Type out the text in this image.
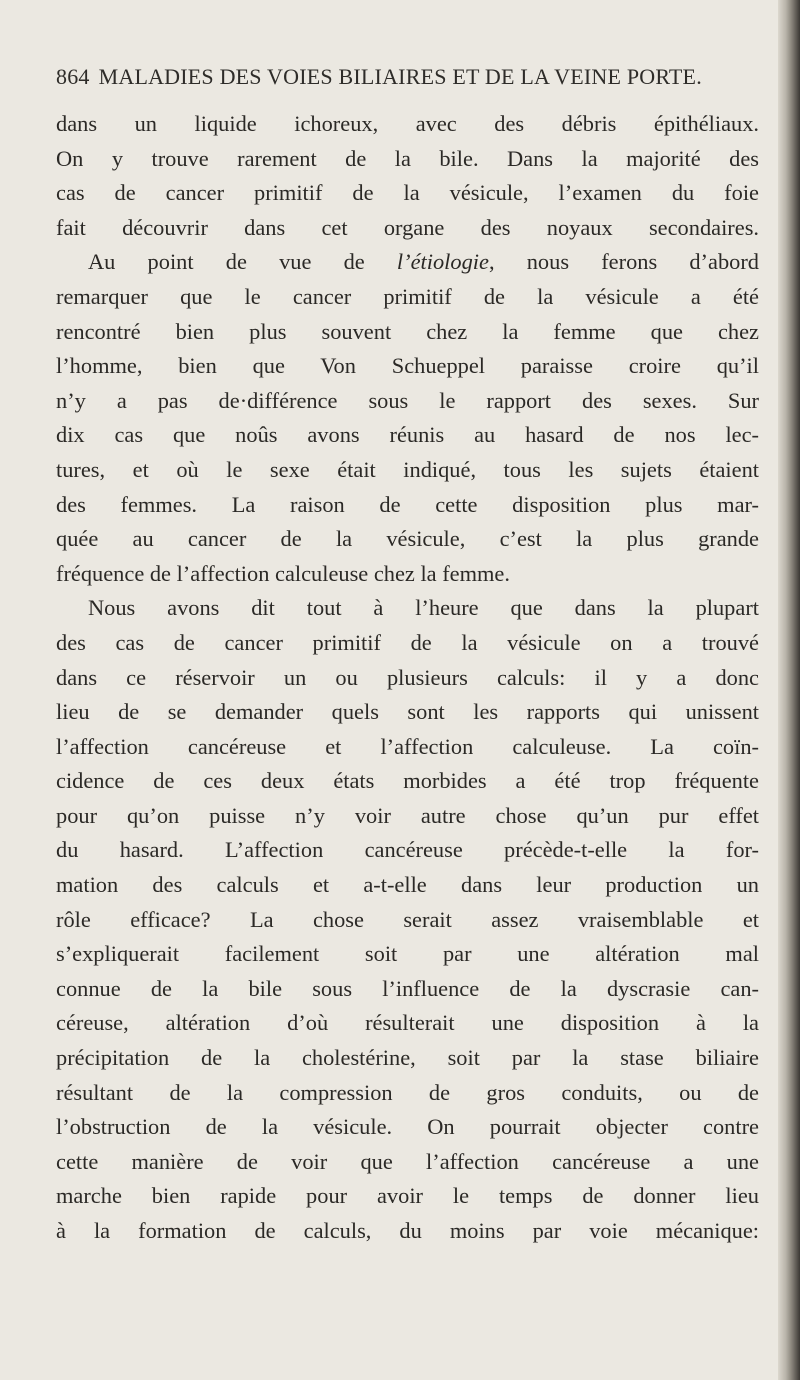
864 MALADIES DES VOIES BILIAIRES ET DE LA VEINE PORTE.
dans un liquide ichoreux, avec des débris épithéliaux.
On y trouve rarement de la bile. Dans la majorité des
cas de cancer primitif de la vésicule, l’examen du foie
fait découvrir dans cet organe des noyaux secondaires.
Au point de vue de l’étiologie, nous ferons d’abord
remarquer que le cancer primitif de la vésicule a été
rencontré bien plus souvent chez la femme que chez
l’homme, bien que Von Schueppel paraisse croire qu’il
n’y a pas de·différence sous le rapport des sexes. Sur
dix cas que noûs avons réunis au hasard de nos lec-
tures, et où le sexe était indiqué, tous les sujets étaient
des femmes. La raison de cette disposition plus mar-
quée au cancer de la vésicule, c’est la plus grande
fréquence de l’affection calculeuse chez la femme.
Nous avons dit tout à l’heure que dans la plupart
des cas de cancer primitif de la vésicule on a trouvé
dans ce réservoir un ou plusieurs calculs: il y a donc
lieu de se demander quels sont les rapports qui unissent
l’affection cancéreuse et l’affection calculeuse. La coïn-
cidence de ces deux états morbides a été trop fréquente
pour qu’on puisse n’y voir autre chose qu’un pur effet
du hasard. L’affection cancéreuse précède-t-elle la for-
mation des calculs et a-t-elle dans leur production un
rôle efficace? La chose serait assez vraisemblable et
s’expliquerait facilement soit par une altération mal
connue de la bile sous l’influence de la dyscrasie can-
céreuse, altération d’où résulterait une disposition à la
précipitation de la cholestérine, soit par la stase biliaire
résultant de la compression de gros conduits, ou de
l’obstruction de la vésicule. On pourrait objecter contre
cette manière de voir que l’affection cancéreuse a une
marche bien rapide pour avoir le temps de donner lieu
à la formation de calculs, du moins par voie mécanique:
